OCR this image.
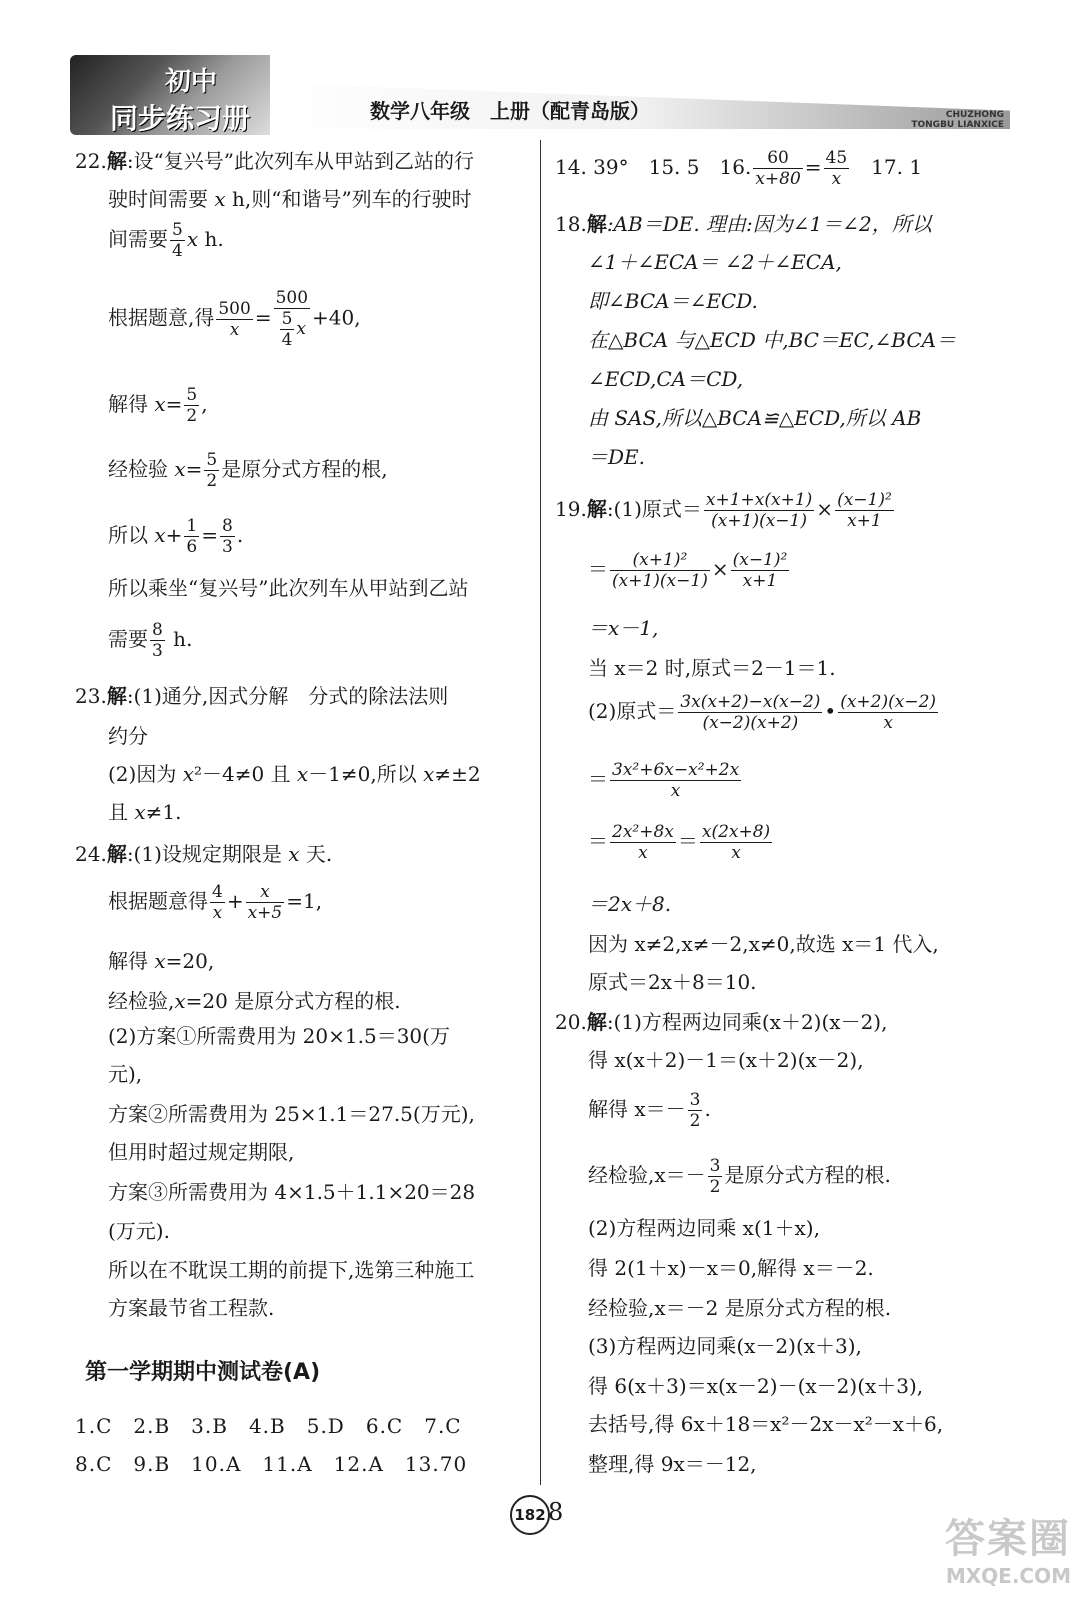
初中
同步练习册	数学八年级　上册（配青岛版）	CHUZHONG
TONGBU LIANXICE
22.解:设“复兴号”此次列车从甲站到乙站的行
驶时间需要 x h,则“和谐号”列车的行驶时
间需要 $\frac{5}{4}$ x h.
根据题意,得 $\frac{500}{x} = \frac{500}{\frac{5}{4} x} +40$,
解得 $x= \frac{5}{2}$ ,
经检验 $x= \frac{5}{2}$ 是原分式方程的根,
所以 $x+ \frac{1}{6} = \frac{8}{3}$ .
所以乘坐“复兴号”此次列车从甲站到乙站
需要 $\frac{8}{3} h$.
23.解:(1)通分,因式分解　分式的除法法则
约分
(2)因为 x²－4≠0 且 x－1≠0,所以 x≠±2
且 x≠1.
24.解:(1)设规定期限是 x 天.
根据题意得 $\frac{4}{x} + \frac{x}{x+5} =1$,
解得 x=20,
经检验,x=20 是原分式方程的根.
(2)方案①所需费用为 20×1.5＝30(万
元),
方案②所需费用为 25×1.1＝27.5(万元),
但用时超过规定期限,
方案③所需费用为 4×1.5＋1.1×20＝28
(万元).
所以在不耽误工期的前提下,选第三种施工
方案最节省工程款.
1.C　2.B　3.B　4.B　5.D　6.C　7.C
8.C　9.B　10.A　11.A　12.A　13.70
第一学期期中测试卷(A)
14. 39°　15. 5　16. $\frac{60}{x+80} = \frac{45}{x}$ 　17. 1
18.解:AB＝DE. 理由:因为∠1＝∠2，所以
∠1＋∠ECA＝ ∠2＋∠ECA,
即∠BCA＝∠ECD.
在△BCA 与△ECD 中,BC＝EC,∠BCA＝
∠ECD,CA＝CD,
由 SAS,所以△BCA≌△ECD,所以 AB
＝DE.
19.解:(1)原式＝ $\frac{x+1+x(x+1)}{(x+1)(x-1)} \times \frac{\text{(x−1)²}}{x+1}$
＝ $\frac{\text{(x+1)²}}{(x+1)(x-1)} \times \frac{\text{(x−1)²}}{x+1}$
＝x－1,
当 x＝2 时,原式＝2－1＝1.
(2)原式＝ $\frac{3x(x+2)-x(x-2)}{(x-2)(x+2)}$ • $\frac{(x+2)(x-2)}{x}$
＝ $\frac{\text{3x²+6x−x²+2x}}{x}$
＝ $\frac{\text{2x²+8x}}{x} = \frac{x(2x+8)}{x}$
＝2x＋8.
因为 x≠2,x≠－2,x≠0,故选 x＝1 代入,
原式＝2x＋8＝10.
20.解:(1)方程两边同乘(x＋2)(x－2),
得 x(x＋2)－1＝(x＋2)(x－2),
解得 $x=- \frac{3}{2}$ .
经检验$,x=- \frac{3}{2}$ 是原分式方程的根.
(2)方程两边同乘 x(1＋x),
得 2(1＋x)－x＝0,解得 x＝－2.
经检验,x＝－2 是原分式方程的根.
(3)方程两边同乘(x－2)(x＋3),
得 6(x＋3)＝x(x－2)－(x－2)(x＋3),
去括号,得 6x＋18＝x²－2x－x²－x＋6,
整理,得 9x＝－12,
182 8
答案圈
MXQE.COM
